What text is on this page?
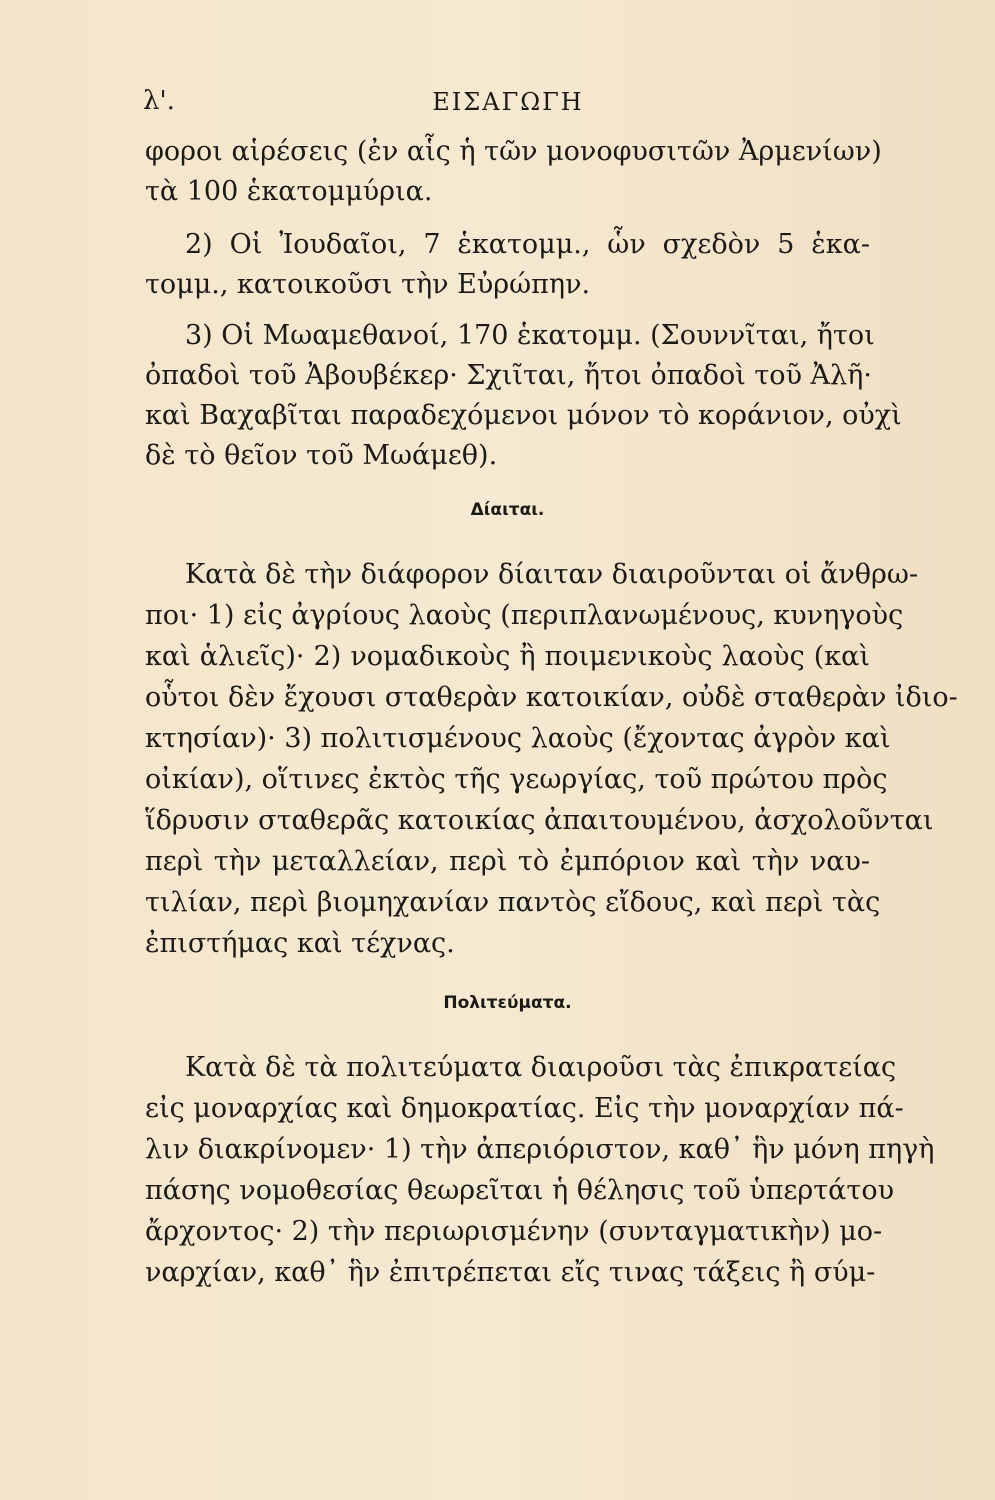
λ'.	ΕΙΣΑΓΩΓΗ
φοροι αἱρέσεις (ἐν αἷς ἡ τῶν μονοφυσιτῶν Ἀρμενίων)
τὰ 100 ἑκατομμύρια.
2) Οἱ Ἰουδαῖοι, 7 ἑκατομμ., ὧν σχεδὸν 5 ἑκα-
τομμ., κατοικοῦσι τὴν Εὐρώπην.
3) Οἱ Μωαμεθανοί, 170 ἑκατομμ. (Σουννῖται, ἤτοι
ὀπαδοὶ τοῦ Ἀβουβέκερ· Σχιῖται, ἤτοι ὀπαδοὶ τοῦ Ἀλῆ·
καὶ Βαχαβῖται παραδεχόμενοι μόνον τὸ κοράνιον, οὐχὶ
δὲ τὸ θεῖον τοῦ Μωάμεθ).
Δίαιται.
Κατὰ δὲ τὴν διάφορον δίαιταν διαιροῦνται οἱ ἄνθρω-
ποι· 1) εἰς ἀγρίους λαοὺς (περιπλανωμένους, κυνηγοὺς
καὶ ἁλιεῖς)· 2) νομαδικοὺς ἢ ποιμενικοὺς λαοὺς (καὶ
οὗτοι δὲν ἔχουσι σταθερὰν κατοικίαν, οὐδὲ σταθερὰν ἰδιο-
κτησίαν)· 3) πολιτισμένους λαοὺς (ἔχοντας ἀγρὸν καὶ
οἰκίαν), οἵτινες ἐκτὸς τῆς γεωργίας, τοῦ πρώτου πρὸς
ἵδρυσιν σταθερᾶς κατοικίας ἀπαιτουμένου, ἀσχολοῦνται
περὶ τὴν μεταλλείαν, περὶ τὸ ἐμπόριον καὶ τὴν ναυ-
τιλίαν, περὶ βιομηχανίαν παντὸς εἴδους, καὶ περὶ τὰς
ἐπιστήμας καὶ τέχνας.
Πολιτεύματα.
Κατὰ δὲ τὰ πολιτεύματα διαιροῦσι τὰς ἐπικρατείας
εἰς μοναρχίας καὶ δημοκρατίας. Εἰς τὴν μοναρχίαν πά-
λιν διακρίνομεν· 1) τὴν ἀπεριόριστον, καθ᾽ ἣν μόνη πηγὴ
πάσης νομοθεσίας θεωρεῖται ἡ θέλησις τοῦ ὑπερτάτου
ἄρχοντος· 2) τὴν περιωρισμένην (συνταγματικὴν) μο-
ναρχίαν, καθ᾽ ἣν ἐπιτρέπεται εἴς τινας τάξεις ἢ σύμ-
